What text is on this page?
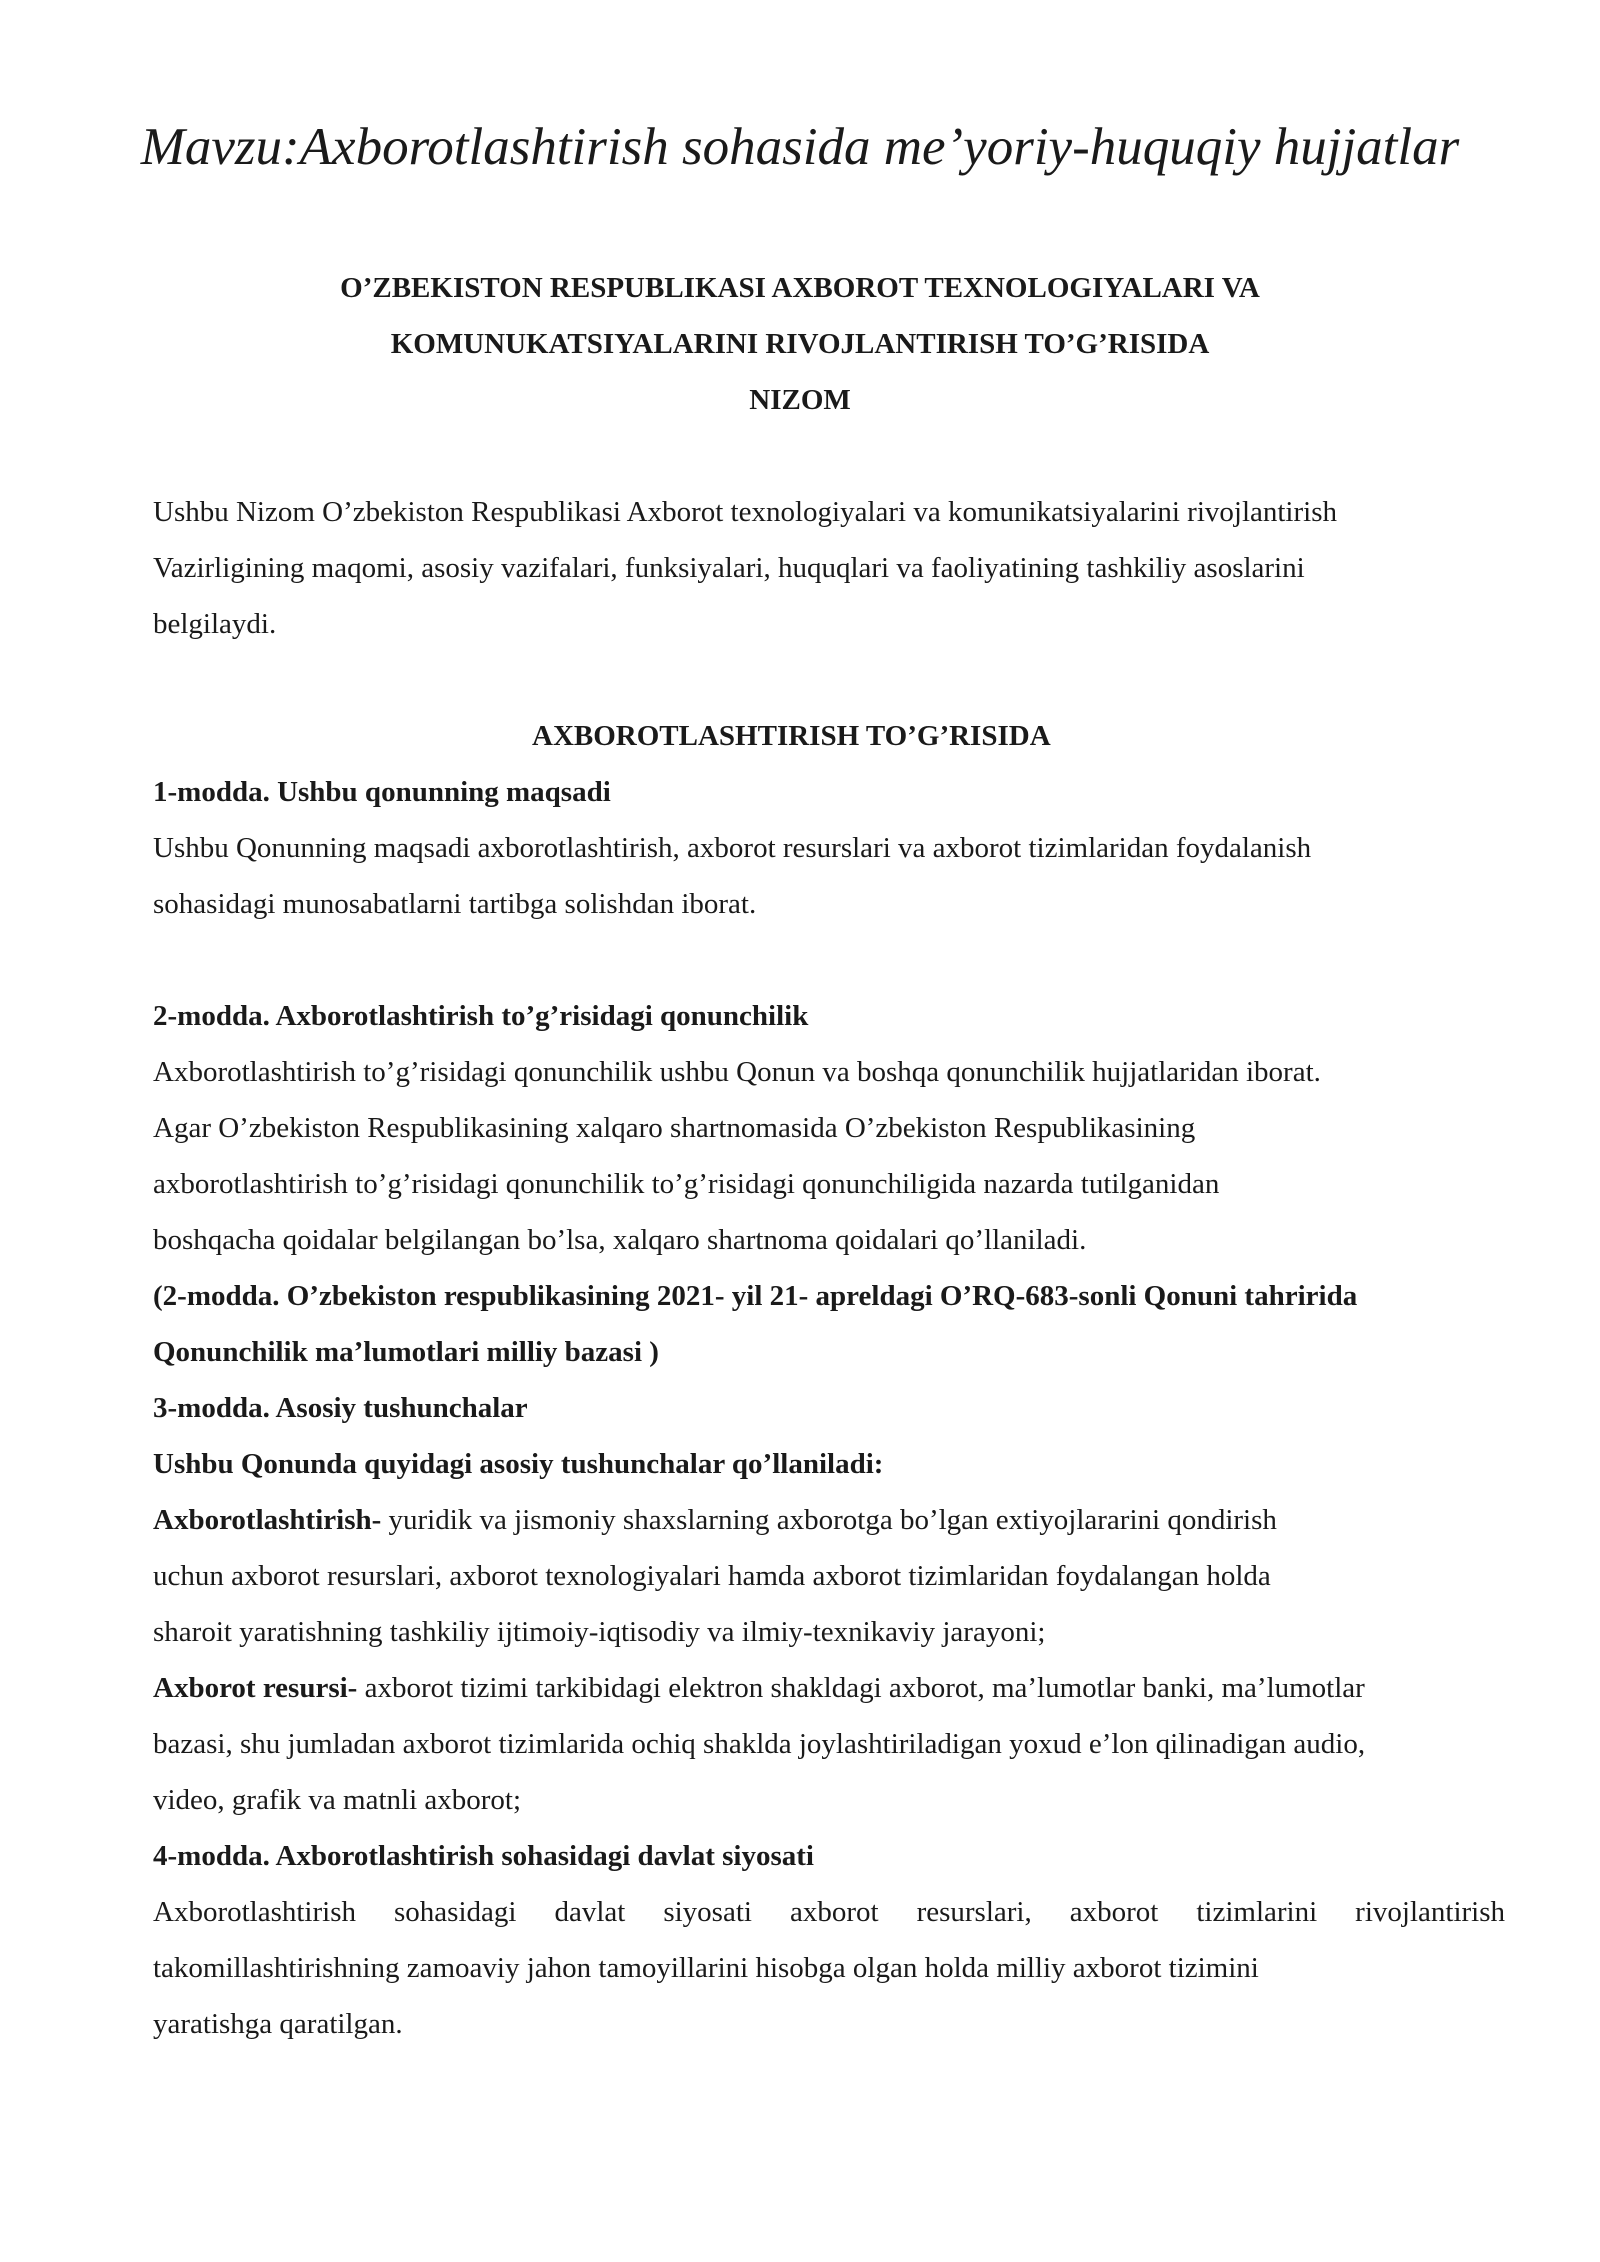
Mavzu:Axborotlashtirish sohasida me’yoriy-huquqiy hujjatlar

O’ZBEKISTON RESPUBLIKASI AXBOROT TEXNOLOGIYALARI VA

KOMUNUKATSIYALARINI RIVOJLANTIRISH TO’G’RISIDA

NIZOM

Ushbu Nizom O’zbekiston Respublikasi Axborot texnologiyalari va komunikatsiyalarini rivojlantirish

Vazirligining maqomi, asosiy vazifalari, funksiyalari, huquqlari va faoliyatining tashkiliy asoslarini

belgilaydi.

AXBOROTLASHTIRISH TO’G’RISIDA

1-modda. Ushbu qonunning maqsadi

Ushbu Qonunning maqsadi axborotlashtirish, axborot resurslari va axborot tizimlaridan foydalanish

sohasidagi munosabatlarni tartibga solishdan iborat.

2-modda. Axborotlashtirish to’g’risidagi qonunchilik

Axborotlashtirish to’g’risidagi qonunchilik ushbu Qonun va boshqa qonunchilik hujjatlaridan iborat.

Agar O’zbekiston Respublikasining xalqaro shartnomasida O’zbekiston Respublikasining

axborotlashtirish to’g’risidagi qonunchilik to’g’risidagi qonunchiligida nazarda tutilganidan

boshqacha qoidalar belgilangan bo’lsa, xalqaro shartnoma qoidalari qo’llaniladi.

(2-modda. O’zbekiston respublikasining 2021- yil 21- apreldagi O’RQ-683-sonli Qonuni tahririda

Qonunchilik ma’lumotlari milliy bazasi )

3-modda. Asosiy tushunchalar

Ushbu Qonunda quyidagi asosiy tushunchalar qo’llaniladi:

Axborotlashtirish- yuridik va jismoniy shaxslarning axborotga bo’lgan extiyojlararini qondirish

uchun axborot resurslari, axborot texnologiyalari hamda axborot tizimlaridan foydalangan holda

sharoit yaratishning tashkiliy ijtimoiy-iqtisodiy va ilmiy-texnikaviy jarayoni;

Axborot resursi- axborot tizimi tarkibidagi elektron shakldagi axborot, ma’lumotlar banki, ma’lumotlar

bazasi, shu jumladan axborot tizimlarida ochiq shaklda joylashtiriladigan yoxud e’lon qilinadigan audio,

video, grafik va matnli axborot;

4-modda. Axborotlashtirish sohasidagi davlat siyosati

Axborotlashtirish sohasidagi davlat siyosati axborot resurslari, axborot tizimlarini rivojlantirish

takomillashtirishning zamoaviy jahon tamoyillarini hisobga olgan holda milliy axborot tizimini

yaratishga qaratilgan.
